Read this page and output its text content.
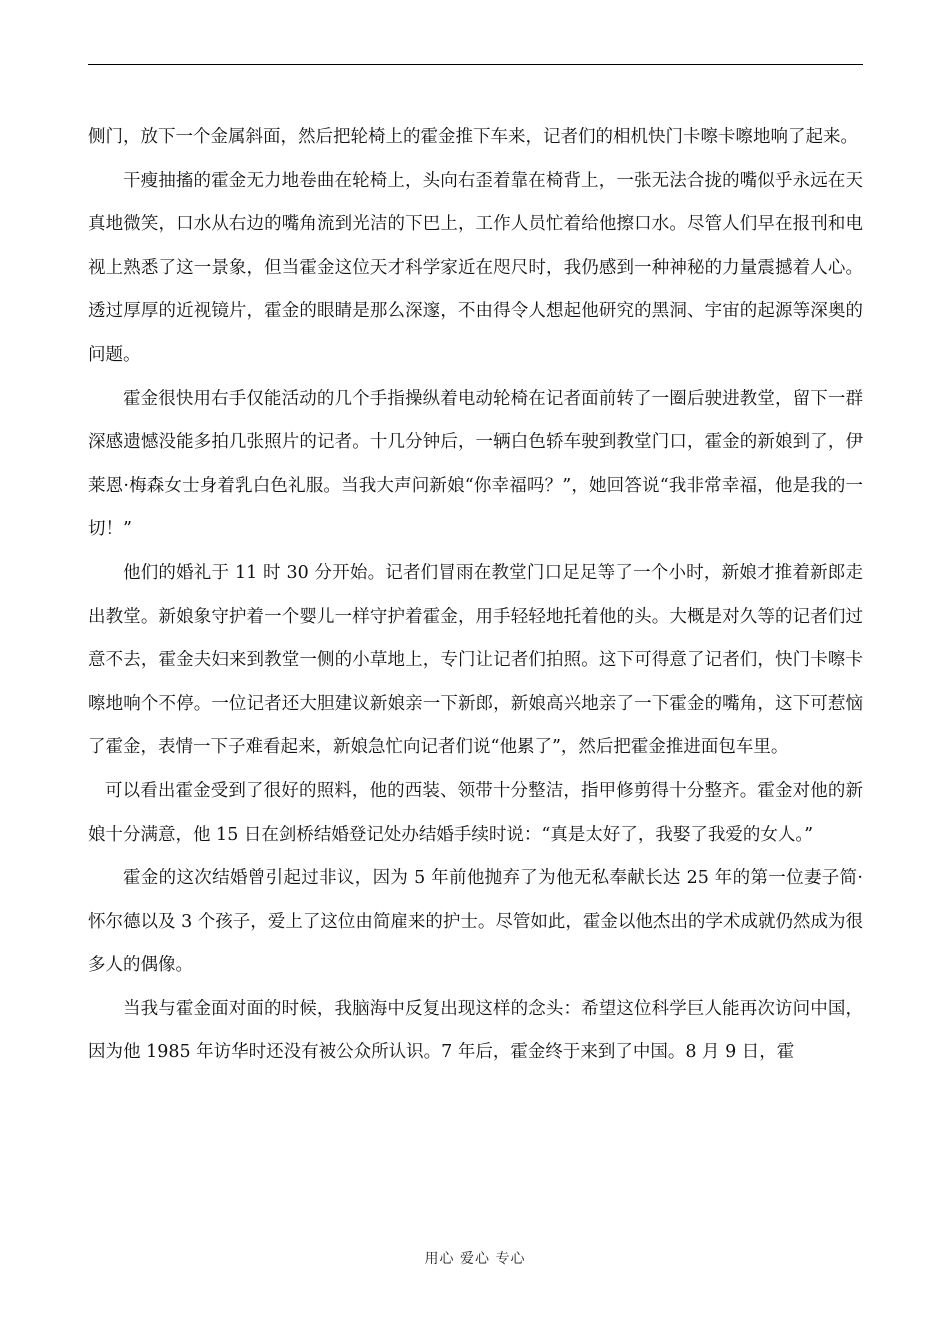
侧门，放下一个金属斜面，然后把轮椅上的霍金推下车来，记者们的相机快门卡嚓卡嚓地响了起来。

干瘦抽搐的霍金无力地卷曲在轮椅上，头向右歪着靠在椅背上，一张无法合拢的嘴似乎永远在天真地微笑，口水从右边的嘴角流到光洁的下巴上，工作人员忙着给他擦口水。尽管人们早在报刊和电视上熟悉了这一景象，但当霍金这位天才科学家近在咫尺时，我仍感到一种神秘的力量震撼着人心。透过厚厚的近视镜片，霍金的眼睛是那么深邃，不由得令人想起他研究的黑洞、宇宙的起源等深奥的问题。

霍金很快用右手仅能活动的几个手指操纵着电动轮椅在记者面前转了一圈后驶进教堂，留下一群深感遗憾没能多拍几张照片的记者。十几分钟后，一辆白色轿车驶到教堂门口，霍金的新娘到了，伊莱恩·梅森女士身着乳白色礼服。当我大声问新娘“你幸福吗？”，她回答说“我非常幸福，他是我的一切！”

他们的婚礼于 11 时 30 分开始。记者们冒雨在教堂门口足足等了一个小时，新娘才推着新郎走出教堂。新娘象守护着一个婴儿一样守护着霍金，用手轻轻地托着他的头。大概是对久等的记者们过意不去，霍金夫妇来到教堂一侧的小草地上，专门让记者们拍照。这下可得意了记者们，快门卡嚓卡嚓地响个不停。一位记者还大胆建议新娘亲一下新郎，新娘高兴地亲了一下霍金的嘴角，这下可惹恼了霍金，表情一下子难看起来，新娘急忙向记者们说“他累了”，然后把霍金推进面包车里。

可以看出霍金受到了很好的照料，他的西装、领带十分整洁，指甲修剪得十分整齐。霍金对他的新娘十分满意，他 15 日在剑桥结婚登记处办结婚手续时说：“真是太好了，我娶了我爱的女人。”

霍金的这次结婚曾引起过非议，因为 5 年前他抛弃了为他无私奉献长达 25 年的第一位妻子简·怀尔德以及 3 个孩子，爱上了这位由简雇来的护士。尽管如此，霍金以他杰出的学术成就仍然成为很多人的偶像。

当我与霍金面对面的时候，我脑海中反复出现这样的念头：希望这位科学巨人能再次访问中国，因为他 1985 年访华时还没有被公众所认识。7 年后，霍金终于来到了中国。8 月 9 日，霍

用心 爱心 专心
